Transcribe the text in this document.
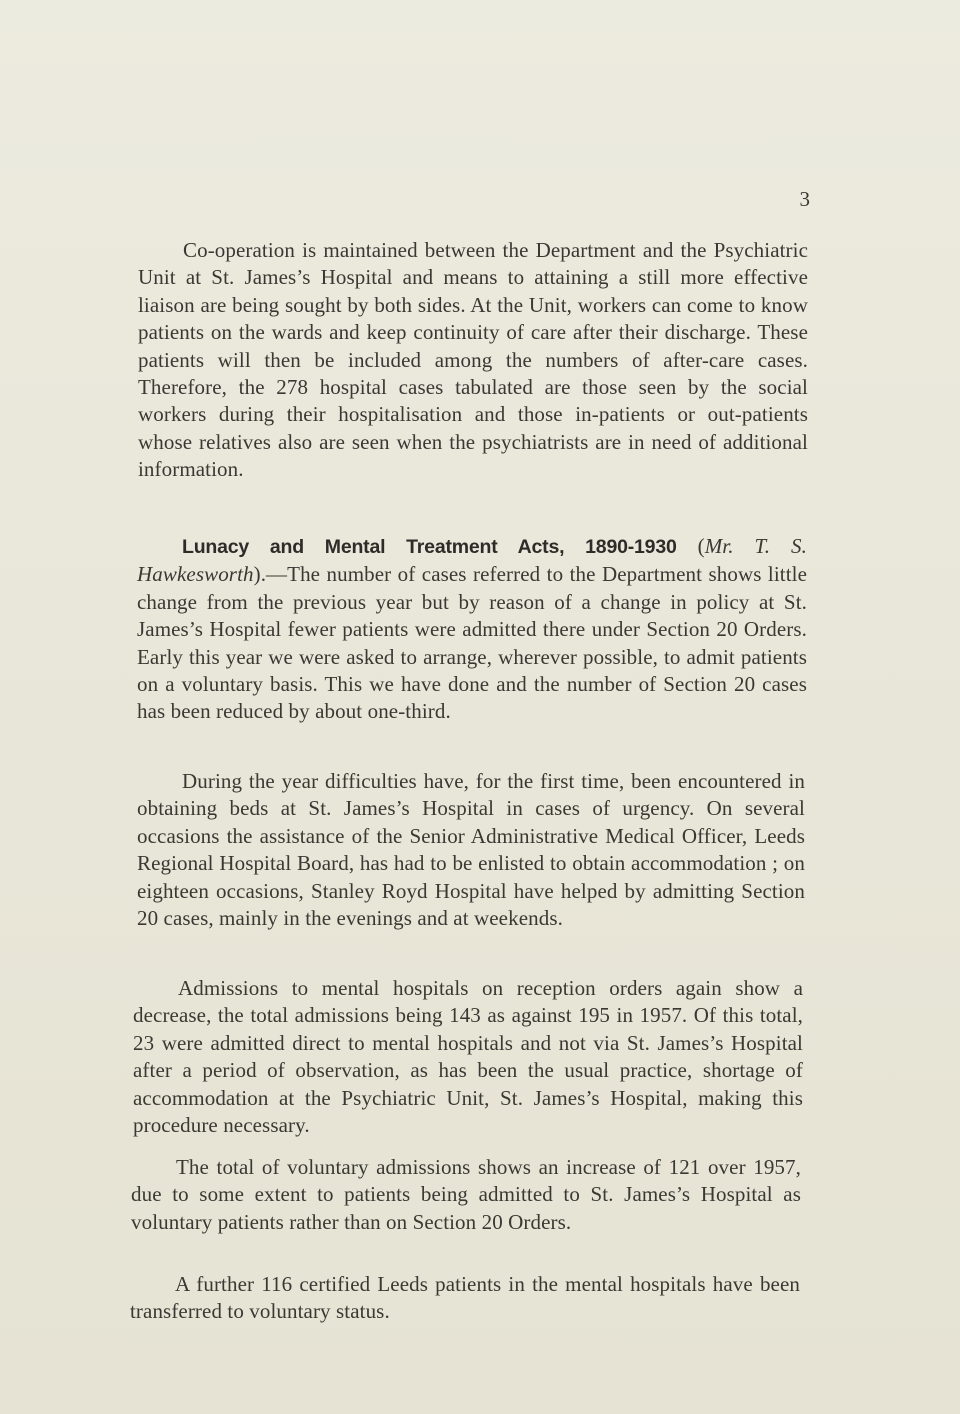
3

Co-operation is maintained between the Department and the Psychiatric Unit at St. James’s Hospital and means to attaining a still more effective liaison are being sought by both sides. At the Unit, workers can come to know patients on the wards and keep continuity of care after their discharge. These patients will then be included among the numbers of after-care cases. Therefore, the 278 hospital cases tabulated are those seen by the social workers during their hospitalisation and those in-patients or out-patients whose relatives also are seen when the psychiatrists are in need of additional information.

Lunacy and Mental Treatment Acts, 1890-1930 (Mr. T. S. Hawkesworth).—The number of cases referred to the Department shows little change from the previous year but by reason of a change in policy at St. James’s Hospital fewer patients were admitted there under Section 20 Orders. Early this year we were asked to arrange, wherever possible, to admit patients on a voluntary basis. This we have done and the number of Section 20 cases has been reduced by about one-third.

During the year difficulties have, for the first time, been encountered in obtaining beds at St. James’s Hospital in cases of urgency. On several occasions the assistance of the Senior Administrative Medical Officer, Leeds Regional Hospital Board, has had to be enlisted to obtain accommodation ; on eighteen occasions, Stanley Royd Hospital have helped by admitting Section 20 cases, mainly in the evenings and at weekends.

Admissions to mental hospitals on reception orders again show a decrease, the total admissions being 143 as against 195 in 1957. Of this total, 23 were admitted direct to mental hospitals and not via St. James’s Hospital after a period of observation, as has been the usual practice, shortage of accommodation at the Psychiatric Unit, St. James’s Hospital, making this procedure necessary.

The total of voluntary admissions shows an increase of 121 over 1957, due to some extent to patients being admitted to St. James’s Hospital as voluntary patients rather than on Section 20 Orders.

A further 116 certified Leeds patients in the mental hospitals have been transferred to voluntary status.
